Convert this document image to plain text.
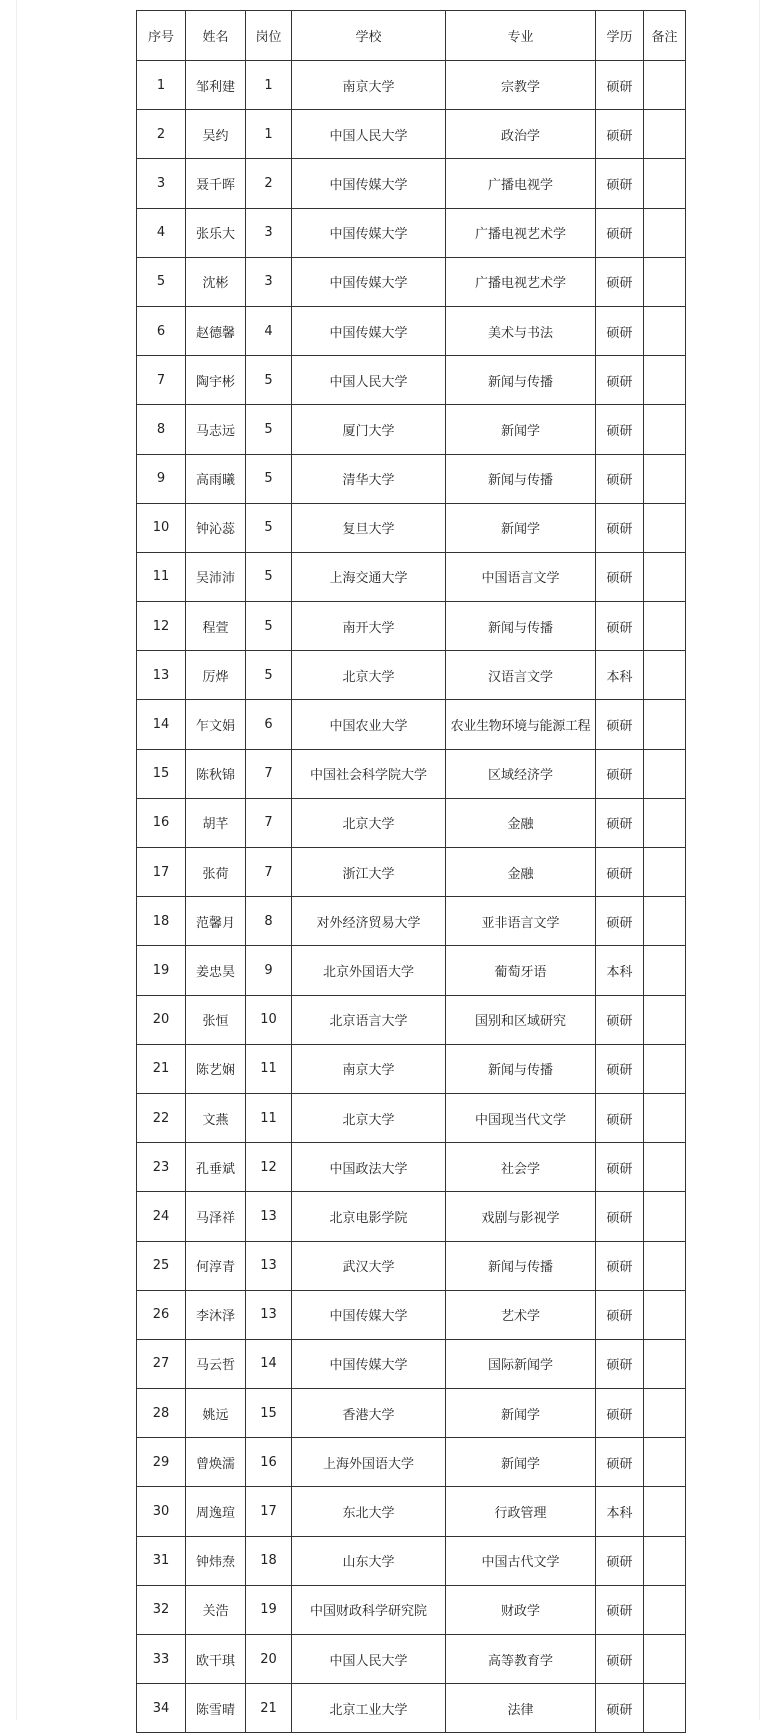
序号	姓名	岗位	学校	专业	学历	备注
1	邹利建	1	南京大学	宗教学	硕研	
2	吴约	1	中国人民大学	政治学	硕研	
3	聂千晖	2	中国传媒大学	广播电视学	硕研	
4	张乐大	3	中国传媒大学	广播电视艺术学	硕研	
5	沈彬	3	中国传媒大学	广播电视艺术学	硕研	
6	赵德馨	4	中国传媒大学	美术与书法	硕研	
7	陶宇彬	5	中国人民大学	新闻与传播	硕研	
8	马志远	5	厦门大学	新闻学	硕研	
9	高雨曦	5	清华大学	新闻与传播	硕研	
10	钟沁蕊	5	复旦大学	新闻学	硕研	
11	吴沛沛	5	上海交通大学	中国语言文学	硕研	
12	程萱	5	南开大学	新闻与传播	硕研	
13	厉烨	5	北京大学	汉语言文学	本科	
14	乍文娟	6	中国农业大学	农业生物环境与能源工程	硕研	
15	陈秋锦	7	中国社会科学院大学	区域经济学	硕研	
16	胡芊	7	北京大学	金融	硕研	
17	张荷	7	浙江大学	金融	硕研	
18	范馨月	8	对外经济贸易大学	亚非语言文学	硕研	
19	姜忠昊	9	北京外国语大学	葡萄牙语	本科	
20	张恒	10	北京语言大学	国别和区域研究	硕研	
21	陈艺娴	11	南京大学	新闻与传播	硕研	
22	文燕	11	北京大学	中国现当代文学	硕研	
23	孔垂斌	12	中国政法大学	社会学	硕研	
24	马泽祥	13	北京电影学院	戏剧与影视学	硕研	
25	何淳青	13	武汉大学	新闻与传播	硕研	
26	李沐泽	13	中国传媒大学	艺术学	硕研	
27	马云哲	14	中国传媒大学	国际新闻学	硕研	
28	姚远	15	香港大学	新闻学	硕研	
29	曾焕濡	16	上海外国语大学	新闻学	硕研	
30	周逸瑄	17	东北大学	行政管理	本科	
31	钟炜焘	18	山东大学	中国古代文学	硕研	
32	关浩	19	中国财政科学研究院	财政学	硕研	
33	欧干琪	20	中国人民大学	高等教育学	硕研	
34	陈雪晴	21	北京工业大学	法律	硕研	
